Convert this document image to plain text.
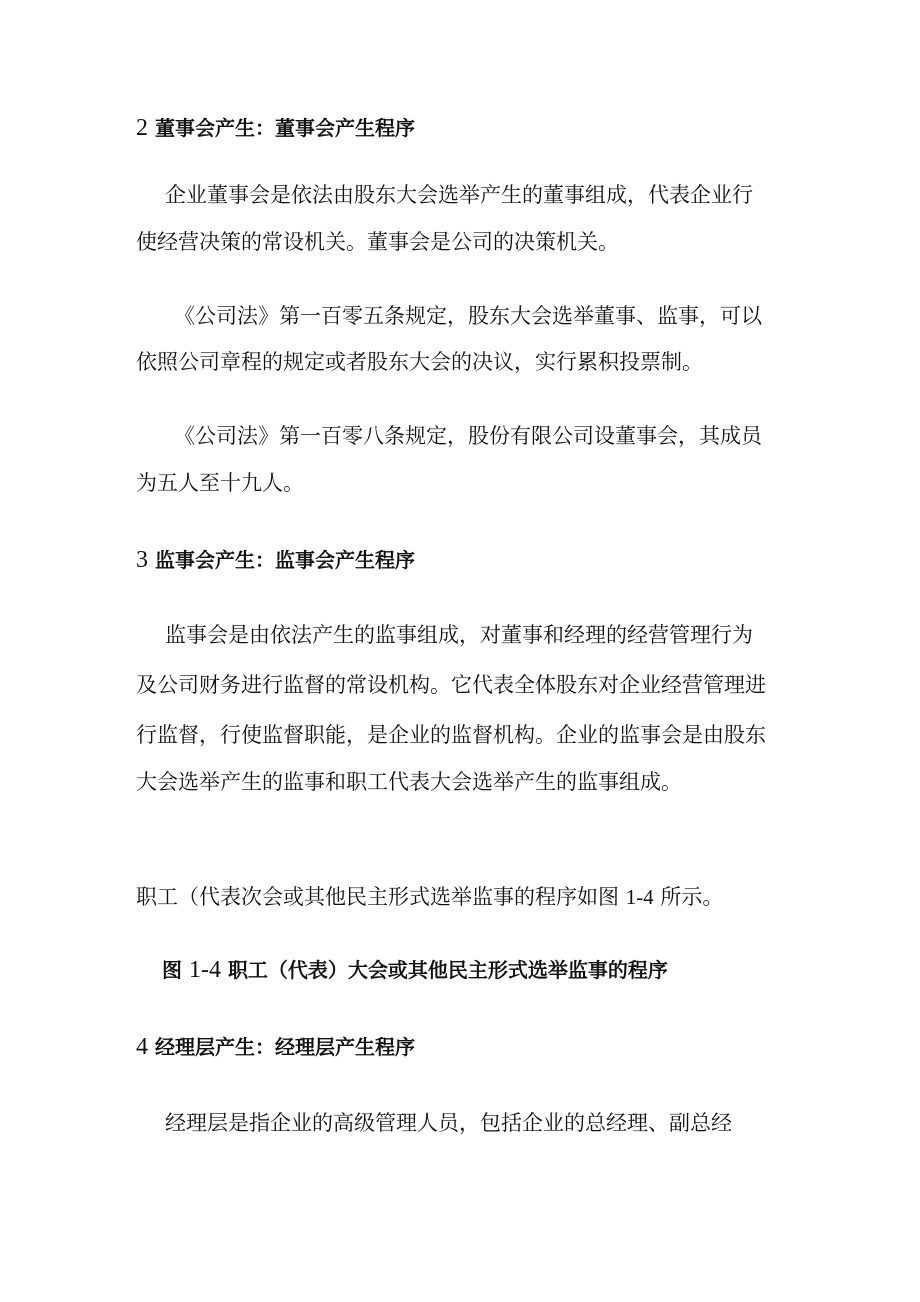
2 董事会产生：董事会产生程序
企业董事会是依法由股东大会选举产生的董事组成，代表企业行
使经营决策的常设机关。董事会是公司的决策机关。
《公司法》第一百零五条规定，股东大会选举董事、监事，可以
依照公司章程的规定或者股东大会的决议，实行累积投票制。
《公司法》第一百零八条规定，股份有限公司设董事会，其成员
为五人至十九人。
3 监事会产生：监事会产生程序
监事会是由依法产生的监事组成，对董事和经理的经营管理行为
及公司财务进行监督的常设机构。它代表全体股东对企业经营管理进
行监督，行使监督职能，是企业的监督机构。企业的监事会是由股东
大会选举产生的监事和职工代表大会选举产生的监事组成。
职工（代表次会或其他民主形式选举监事的程序如图 1-4 所示。
图 1-4 职工（代表）大会或其他民主形式选举监事的程序
4 经理层产生：经理层产生程序
经理层是指企业的高级管理人员，包括企业的总经理、副总经
